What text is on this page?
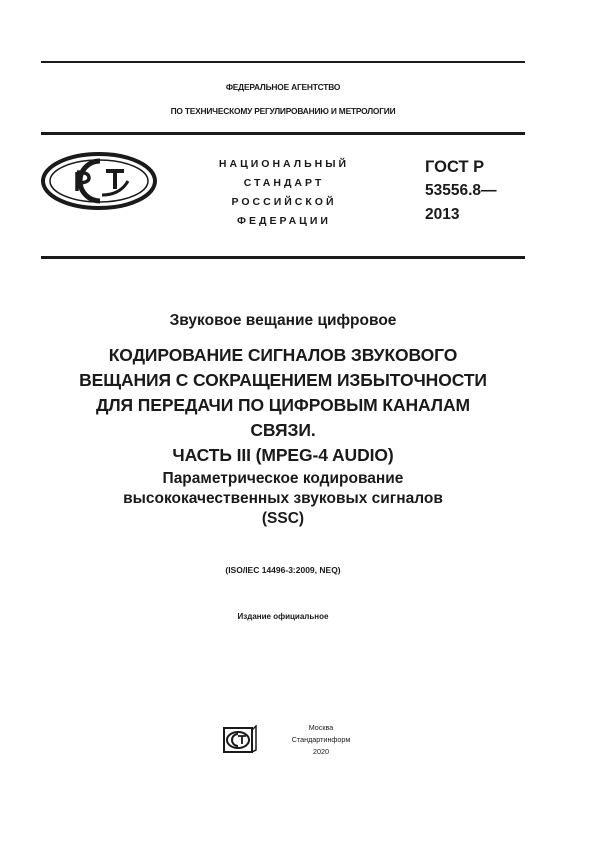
ФЕДЕРАЛЬНОЕ АГЕНТСТВО
ПО ТЕХНИЧЕСКОМУ РЕГУЛИРОВАНИЮ И МЕТРОЛОГИИ
НАЦИОНАЛЬНЫЙ
СТАНДАРТ
РОССИЙСКОЙ
ФЕДЕРАЦИИ
ГОСТ Р
53556.8—
2013
Звуковое вещание цифровое
КОДИРОВАНИЕ СИГНАЛОВ ЗВУКОВОГО
ВЕЩАНИЯ С СОКРАЩЕНИЕМ ИЗБЫТОЧНОСТИ
ДЛЯ ПЕРЕДАЧИ ПО ЦИФРОВЫМ КАНАЛАМ
СВЯЗИ.
ЧАСТЬ III (MPEG-4 AUDIO)
Параметрическое кодирование
высококачественных звуковых сигналов
(SSC)
(ISO/IEC 14496-3:2009, NEQ)
Издание официальное
Москва
Стандартинформ
2020
